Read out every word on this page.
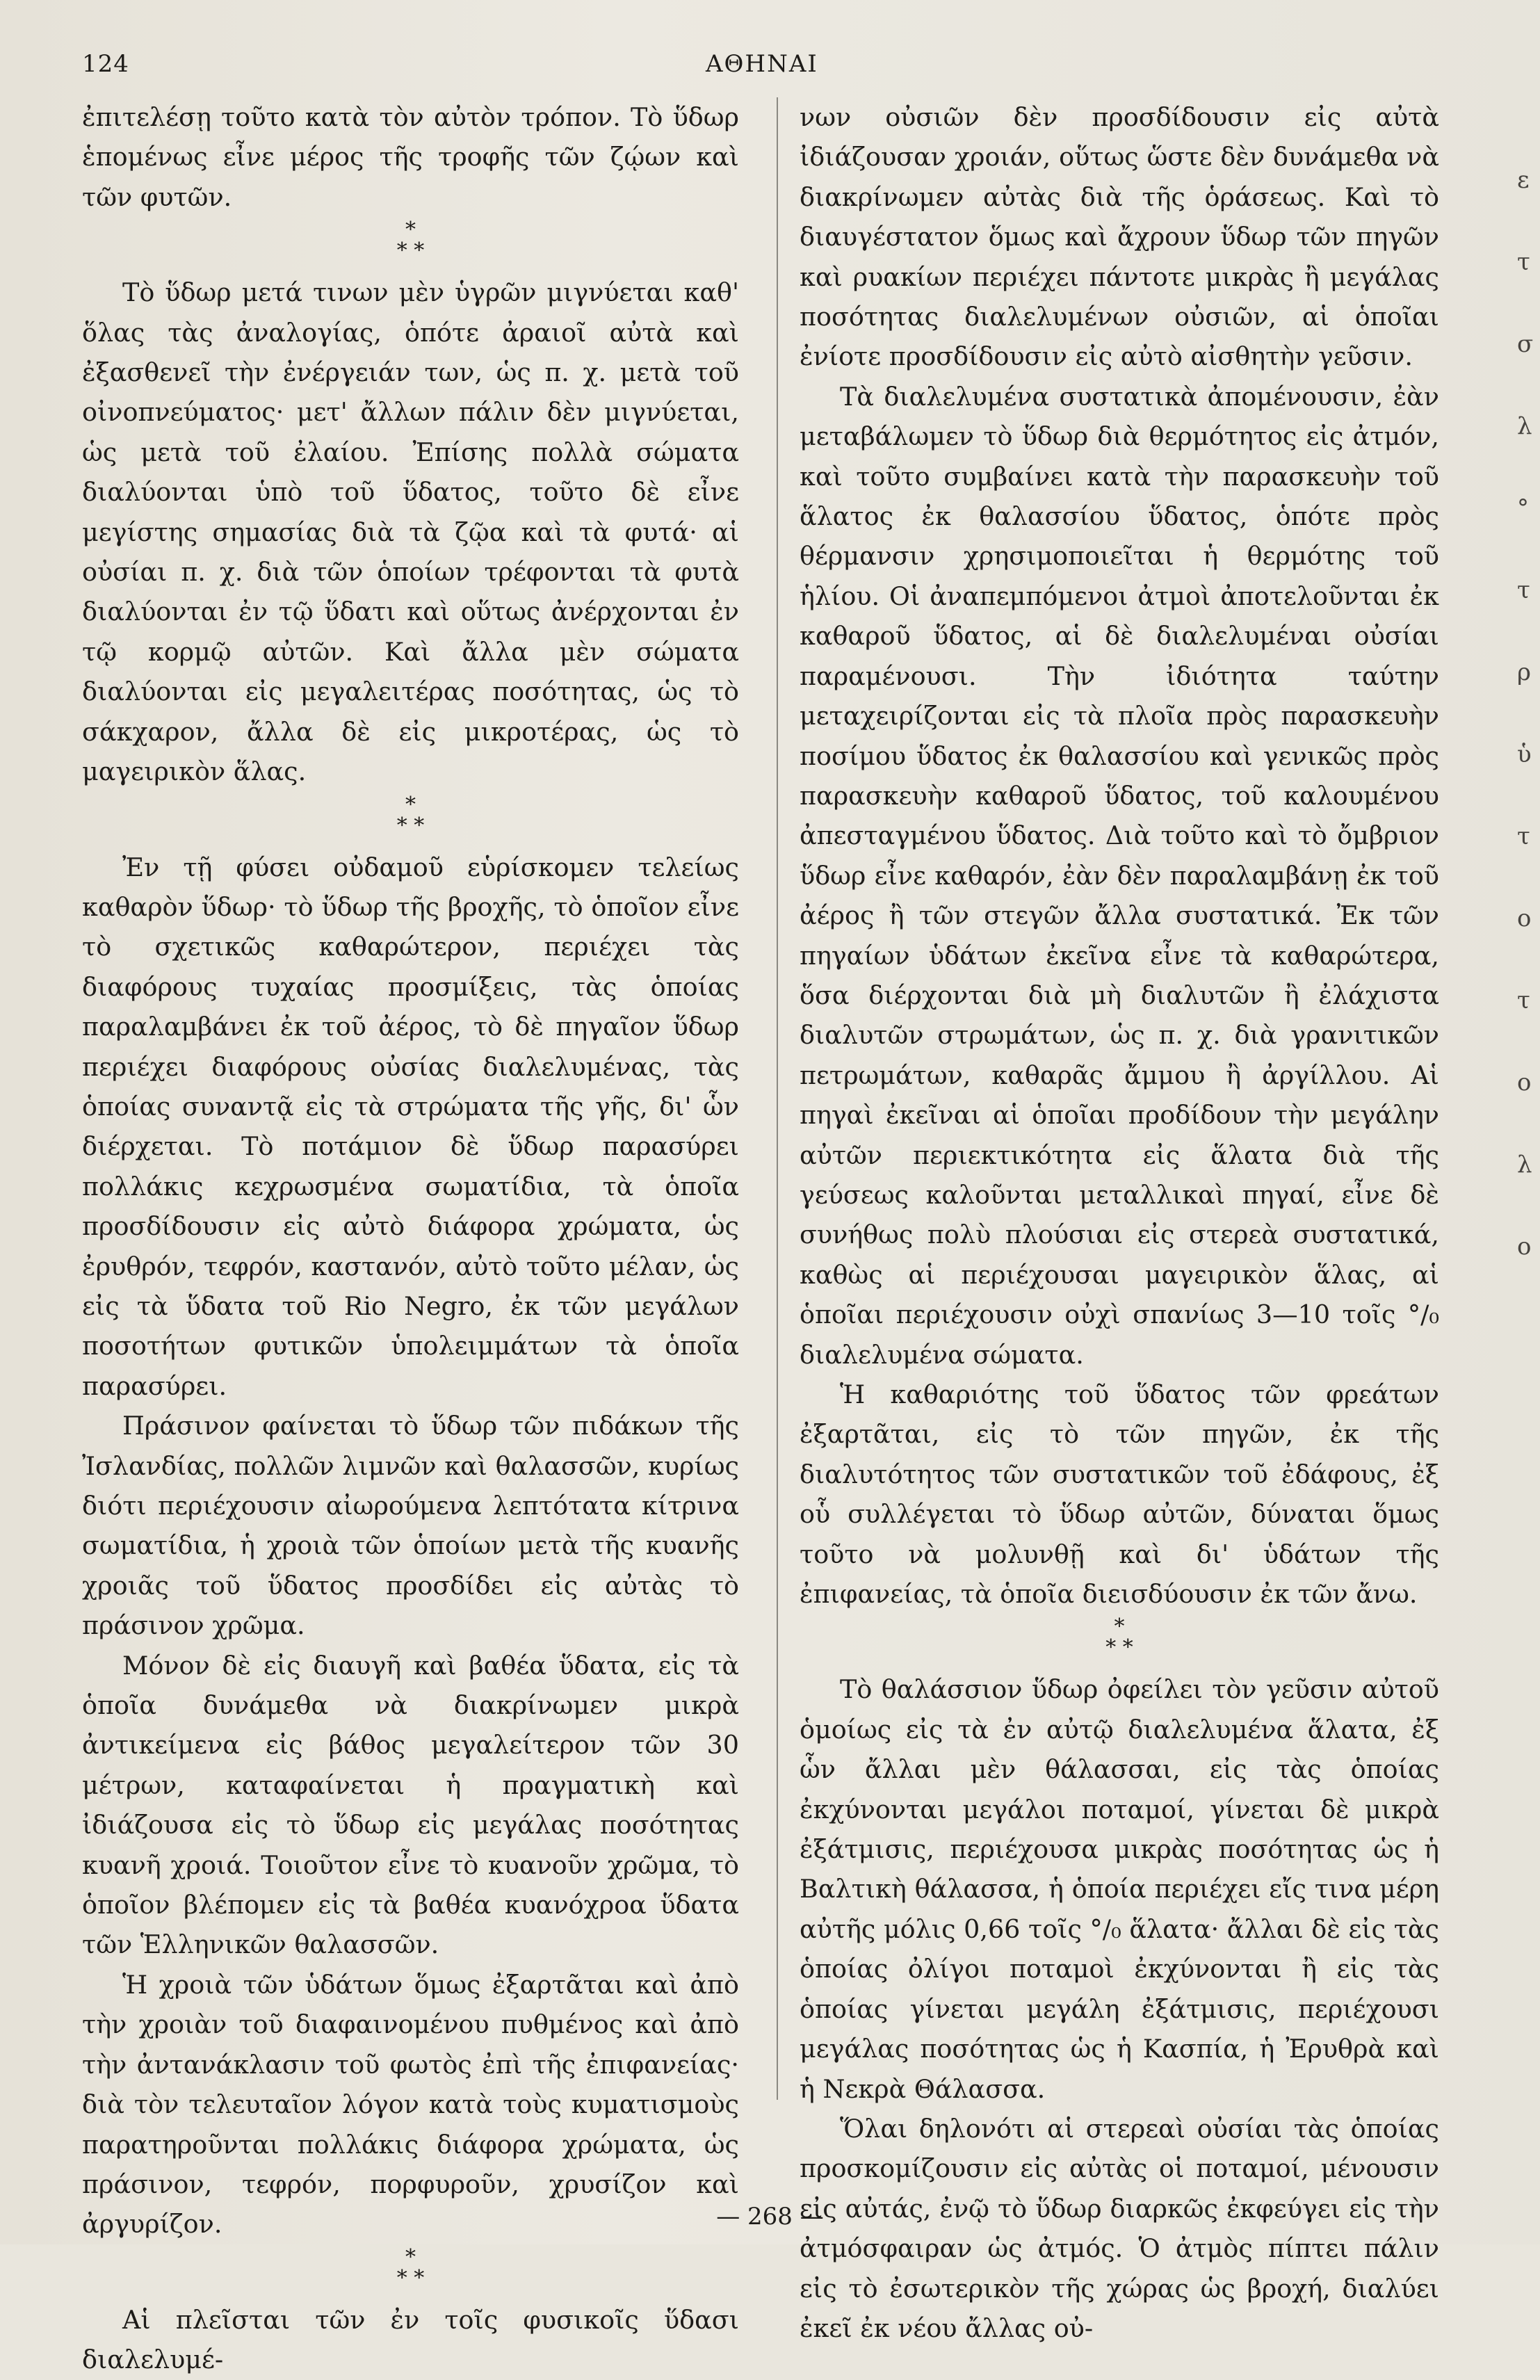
124	ΑΘΗΝΑΙ

ἐπιτελέσῃ τοῦτο κατὰ τὸν αὐτὸν τρόπον. Τὸ ὕδωρ ἑπομένως εἶνε μέρος τῆς τροφῆς τῶν ζῴων καὶ τῶν φυτῶν.

*
* *

Τὸ ὕδωρ μετά τινων μὲν ὑγρῶν μιγνύεται καθ' ὅλας τὰς ἀναλογίας, ὁπότε ἀραιοῖ αὐτὰ καὶ ἐξασθενεῖ τὴν ἐνέργειάν των, ὡς π. χ. μετὰ τοῦ οἰνοπνεύματος· μετ' ἄλλων πάλιν δὲν μιγνύεται, ὡς μετὰ τοῦ ἐλαίου. Ἐπίσης πολλὰ σώματα διαλύονται ὑπὸ τοῦ ὕδατος, τοῦτο δὲ εἶνε μεγίστης σημασίας διὰ τὰ ζῷα καὶ τὰ φυτά· αἱ οὐσίαι π. χ. διὰ τῶν ὁποίων τρέφονται τὰ φυτὰ διαλύονται ἐν τῷ ὕδατι καὶ οὕτως ἀνέρχονται ἐν τῷ κορμῷ αὐτῶν. Καὶ ἄλλα μὲν σώματα διαλύονται εἰς μεγαλειτέρας ποσότητας, ὡς τὸ σάκχαρον, ἄλλα δὲ εἰς μικροτέρας, ὡς τὸ μαγειρικὸν ἅλας.

*
* *

Ἐν τῇ φύσει οὐδαμοῦ εὑρίσκομεν τελείως καθαρὸν ὕδωρ· τὸ ὕδωρ τῆς βροχῆς, τὸ ὁποῖον εἶνε τὸ σχετικῶς καθαρώτερον, περιέχει τὰς διαφόρους τυχαίας προσμίξεις, τὰς ὁποίας παραλαμβάνει ἐκ τοῦ ἀέρος, τὸ δὲ πηγαῖον ὕδωρ περιέχει διαφόρους οὐσίας διαλελυμένας, τὰς ὁποίας συναντᾷ εἰς τὰ στρώματα τῆς γῆς, δι' ὧν διέρχεται. Τὸ ποτάμιον δὲ ὕδωρ παρασύρει πολλάκις κεχρωσμένα σωματίδια, τὰ ὁποῖα προσδίδουσιν εἰς αὐτὸ διάφορα χρώματα, ὡς ἐρυθρόν, τεφρόν, καστανόν, αὐτὸ τοῦτο μέλαν, ὡς εἰς τὰ ὕδατα τοῦ Rio Negro, ἐκ τῶν μεγάλων ποσοτήτων φυτικῶν ὑπολειμμάτων τὰ ὁποῖα παρασύρει.

Πράσινον φαίνεται τὸ ὕδωρ τῶν πιδάκων τῆς Ἰσλανδίας, πολλῶν λιμνῶν καὶ θαλασσῶν, κυρίως διότι περιέχουσιν αἰωρούμενα λεπτότατα κίτρινα σωματίδια, ἡ χροιὰ τῶν ὁποίων μετὰ τῆς κυανῆς χροιᾶς τοῦ ὕδατος προσδίδει εἰς αὐτὰς τὸ πράσινον χρῶμα.

Μόνον δὲ εἰς διαυγῆ καὶ βαθέα ὕδατα, εἰς τὰ ὁποῖα δυνάμεθα νὰ διακρίνωμεν μικρὰ ἀντικείμενα εἰς βάθος μεγαλείτερον τῶν 30 μέτρων, καταφαίνεται ἡ πραγματικὴ καὶ ἰδιάζουσα εἰς τὸ ὕδωρ εἰς μεγάλας ποσότητας κυανῆ χροιά. Τοιοῦτον εἶνε τὸ κυανοῦν χρῶμα, τὸ ὁποῖον βλέπομεν εἰς τὰ βαθέα κυανόχροα ὕδατα τῶν Ἑλληνικῶν θαλασσῶν.

Ἡ χροιὰ τῶν ὑδάτων ὅμως ἐξαρτᾶται καὶ ἀπὸ τὴν χροιὰν τοῦ διαφαινομένου πυθμένος καὶ ἀπὸ τὴν ἀντανάκλασιν τοῦ φωτὸς ἐπὶ τῆς ἐπιφανείας· διὰ τὸν τελευταῖον λόγον κατὰ τοὺς κυματισμοὺς παρατηροῦνται πολλάκις διάφορα χρώματα, ὡς πράσινον, τεφρόν, πορφυροῦν, χρυσίζον καὶ ἀργυρίζον.

*
* *

Αἱ πλεῖσται τῶν ἐν τοῖς φυσικοῖς ὕδασι διαλελυμέ-

νων οὐσιῶν δὲν προσδίδουσιν εἰς αὐτὰ ἰδιάζουσαν χροιάν, οὕτως ὥστε δὲν δυνάμεθα νὰ διακρίνωμεν αὐτὰς διὰ τῆς ὁράσεως. Καὶ τὸ διαυγέστατον ὅμως καὶ ἄχρουν ὕδωρ τῶν πηγῶν καὶ ρυακίων περιέχει πάντοτε μικρὰς ἢ μεγάλας ποσότητας διαλελυμένων οὐσιῶν, αἱ ὁποῖαι ἐνίοτε προσδίδουσιν εἰς αὐτὸ αἰσθητὴν γεῦσιν.

Τὰ διαλελυμένα συστατικὰ ἀπομένουσιν, ἐὰν μεταβάλωμεν τὸ ὕδωρ διὰ θερμότητος εἰς ἀτμόν, καὶ τοῦτο συμβαίνει κατὰ τὴν παρασκευὴν τοῦ ἅλατος ἐκ θαλασσίου ὕδατος, ὁπότε πρὸς θέρμανσιν χρησιμοποιεῖται ἡ θερμότης τοῦ ἡλίου. Οἱ ἀναπεμπόμενοι ἀτμοὶ ἀποτελοῦνται ἐκ καθαροῦ ὕδατος, αἱ δὲ διαλελυμέναι οὐσίαι παραμένουσι. Τὴν ἰδιότητα ταύτην μεταχειρίζονται εἰς τὰ πλοῖα πρὸς παρασκευὴν ποσίμου ὕδατος ἐκ θαλασσίου καὶ γενικῶς πρὸς παρασκευὴν καθαροῦ ὕδατος, τοῦ καλουμένου ἀπεσταγμένου ὕδατος. Διὰ τοῦτο καὶ τὸ ὄμβριον ὕδωρ εἶνε καθαρόν, ἐὰν δὲν παραλαμβάνῃ ἐκ τοῦ ἀέρος ἢ τῶν στεγῶν ἄλλα συστατικά. Ἐκ τῶν πηγαίων ὑδάτων ἐκεῖνα εἶνε τὰ καθαρώτερα, ὅσα διέρχονται διὰ μὴ διαλυτῶν ἢ ἐλάχιστα διαλυτῶν στρωμάτων, ὡς π. χ. διὰ γρανιτικῶν πετρωμάτων, καθαρᾶς ἄμμου ἢ ἀργίλλου. Αἱ πηγαὶ ἐκεῖναι αἱ ὁποῖαι προδίδουν τὴν μεγάλην αὐτῶν περιεκτικότητα εἰς ἅλατα διὰ τῆς γεύσεως καλοῦνται μεταλλικαὶ πηγαί, εἶνε δὲ συνήθως πολὺ πλούσιαι εἰς στερεὰ συστατικά, καθὼς αἱ περιέχουσαι μαγειρικὸν ἅλας, αἱ ὁποῖαι περιέχουσιν οὐχὶ σπανίως 3—10 τοῖς °/₀ διαλελυμένα σώματα.

Ἡ καθαριότης τοῦ ὕδατος τῶν φρεάτων ἐξαρτᾶται, εἰς τὸ τῶν πηγῶν, ἐκ τῆς διαλυτότητος τῶν συστατικῶν τοῦ ἐδάφους, ἐξ οὗ συλλέγεται τὸ ὕδωρ αὐτῶν, δύναται ὅμως τοῦτο νὰ μολυνθῇ καὶ δι' ὑδάτων τῆς ἐπιφανείας, τὰ ὁποῖα διεισδύουσιν ἐκ τῶν ἄνω.

*
* *

Τὸ θαλάσσιον ὕδωρ ὀφείλει τὸν γεῦσιν αὐτοῦ ὁμοίως εἰς τὰ ἐν αὐτῷ διαλελυμένα ἅλατα, ἐξ ὧν ἄλλαι μὲν θάλασσαι, εἰς τὰς ὁποίας ἐκχύνονται μεγάλοι ποταμοί, γίνεται δὲ μικρὰ ἐξάτμισις, περιέχουσα μικρὰς ποσότητας ὡς ἡ Βαλτικὴ θάλασσα, ἡ ὁποία περιέχει εἴς τινα μέρη αὐτῆς μόλις 0,66 τοῖς °/₀ ἅλατα· ἄλλαι δὲ εἰς τὰς ὁποίας ὀλίγοι ποταμοὶ ἐκχύνονται ἢ εἰς τὰς ὁποίας γίνεται μεγάλη ἐξάτμισις, περιέχουσι μεγάλας ποσότητας ὡς ἡ Κασπία, ἡ Ἐρυθρὰ καὶ ἡ Νεκρὰ Θάλασσα.

Ὅλαι δηλονότι αἱ στερεαὶ οὐσίαι τὰς ὁποίας προσκομίζουσιν εἰς αὐτὰς οἱ ποταμοί, μένουσιν εἰς αὐτάς, ἐνῷ τὸ ὕδωρ διαρκῶς ἐκφεύγει εἰς τὴν ἀτμόσφαιραν ὡς ἀτμός. Ὁ ἀτμὸς πίπτει πάλιν εἰς τὸ ἐσωτερικὸν τῆς χώρας ὡς βροχή, διαλύει ἐκεῖ ἐκ νέου ἄλλας οὐ-

ε
τ
σ
λ
°
τ
ρ
ὑ
τ
ο
τ
ο
λ
ο
— 268 —
